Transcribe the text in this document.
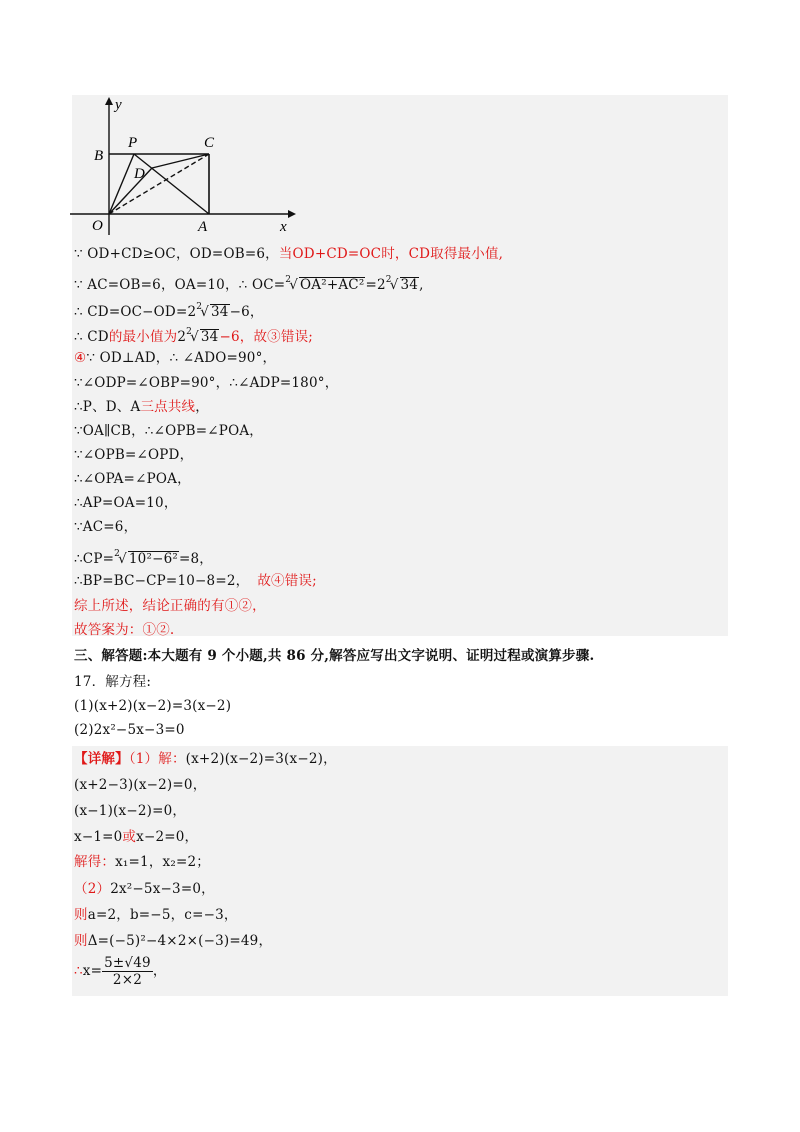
y
x
B
P	C
D
O	A
∵ OD+CD≥OC，OD=OB=6，当OD+CD=OC时，CD取得最小值,
∵ AC=OB=6，OA=10，∴ OC=$^2$√ $OA^2+AC^2=2^2√$ 34,
∴ $CD=OC-OD=2^2√$ 34−6，
∴ CD的最小值为$2^2√$ 34−6，故③错误;
④∵ OD⊥AD，∴ ∠ADO=90°，
∵∠ODP=∠OBP=90°，∴∠ADP=180°，
∴P、D、A三点共线，
∵OA∥CB，∴∠OPB=∠POA，
∵∠OPB=∠OPD，
∴∠OPA=∠POA，
∴AP=OA=10，
∵AC=6，
∴CP=$^2$√ 10²−6²=8，
∴BP=BC−CP=10−8=2， 故④错误;
综上所述，结论正确的有①②，
故答案为：①②.
三、解答题:本大题有 9 个小题,共 86 分,解答应写出文字说明、证明过程或演算步骤.
17．解方程:
(1)(x+2)(x−2)=3(x−2)
(2)2x²−5x−3=0
【详解】（1）解：(x+2)(x−2)=3(x−2)，
(x+2−3)(x−2)=0，
(x−1)(x−2)=0，
x−1=0或x−2=0，
解得：x₁=1，x₂=2；
（2）2x²−5x−3=0，
则a=2，b=−5，c=−3，
则Δ=(−5)²−4×2×(−3)=49，
∴x= $\frac{5\pm√49}{2\times 2}$ ，
